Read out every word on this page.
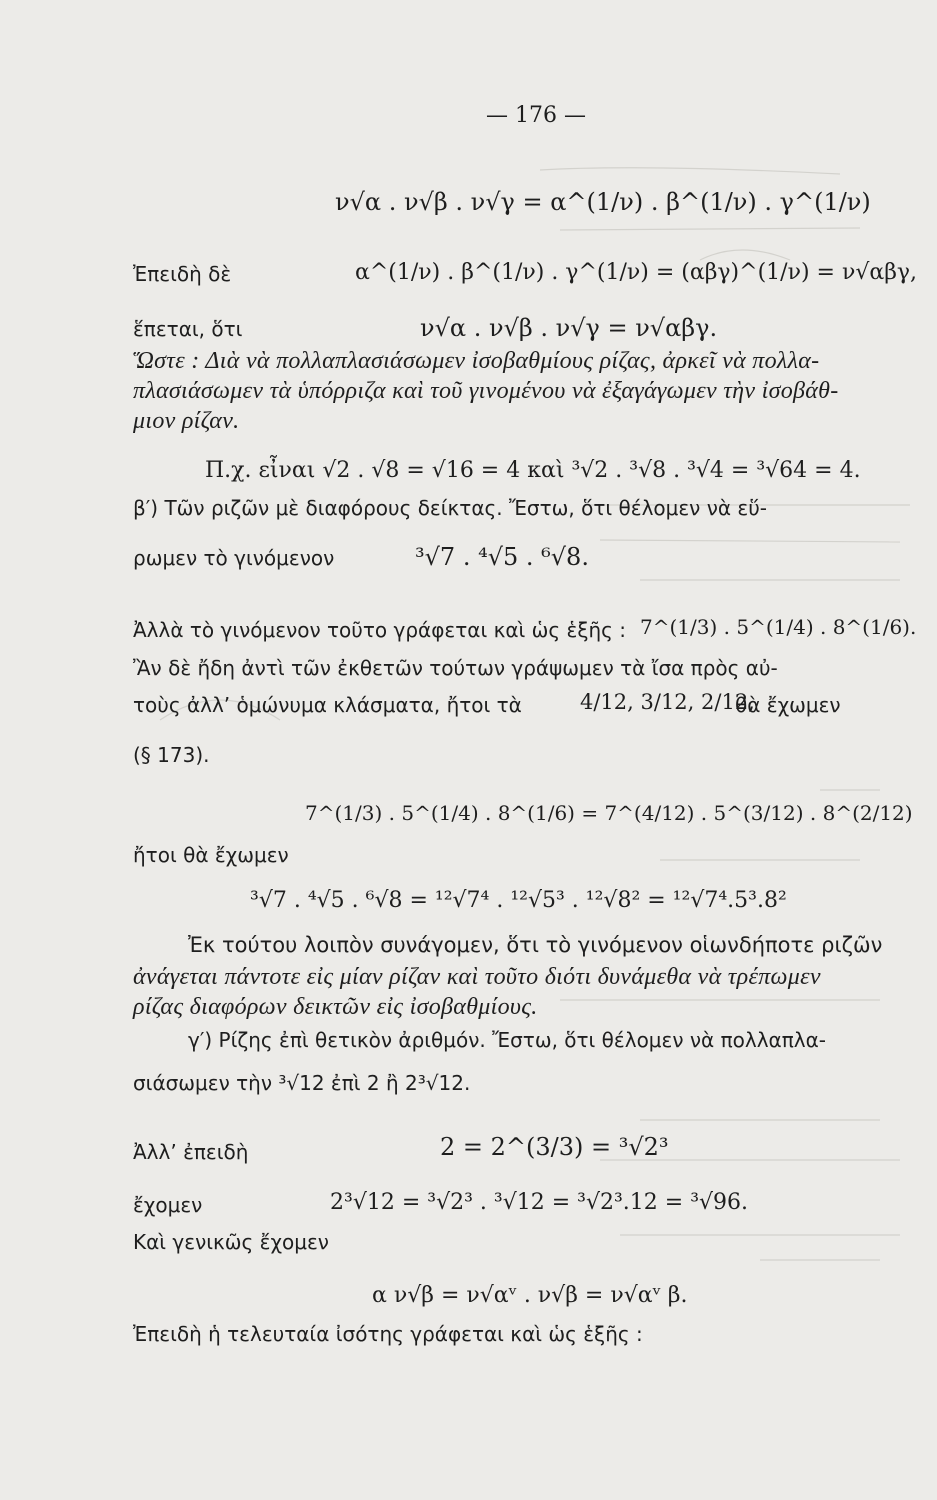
— 176 —
ν√α . ν√β . ν√γ = α^(1/ν) . β^(1/ν) . γ^(1/ν)
Ἐπειδὴ δὲ	α^(1/ν) . β^(1/ν) . γ^(1/ν) = (αβγ)^(1/ν) = ν√αβγ,
ἕπεται, ὅτι	ν√α . ν√β . ν√γ = ν√αβγ.
Ὥστε : Διὰ νὰ πολλαπλασιάσωμεν ἰσοβαθμίους ρίζας, ἀρκεῖ νὰ πολλα-
πλασιάσωμεν τὰ ὑπόρριζα καὶ τοῦ γινομένου νὰ ἐξαγάγωμεν τὴν ἰσοβάθ-
μιον ρίζαν.
Π.χ. εἶναι √2 . √8 = √16 = 4 καὶ ³√2 . ³√8 . ³√4 = ³√64 = 4.
β′) Τῶν ριζῶν μὲ διαφόρους δείκτας. Ἔστω, ὅτι θέλομεν νὰ εὕ-
ρωμεν τὸ γινόμενον	³√7 . ⁴√5 . ⁶√8.
Ἀλλὰ τὸ γινόμενον τοῦτο γράφεται καὶ ὡς ἑξῆς : 7^(1/3) . 5^(1/4) . 8^(1/6).
Ἂν δὲ ἤδη ἀντὶ τῶν ἐκθετῶν τούτων γράψωμεν τὰ ἴσα πρὸς αὐ-
τοὺς ἀλλ’ ὁμώνυμα κλάσματα, ἤτοι τὰ	4/12, 3/12, 2/12,
θὰ ἔχωμεν
(§ 173).
7^(1/3) . 5^(1/4) . 8^(1/6) = 7^(4/12) . 5^(3/12) . 8^(2/12)
ἤτοι θὰ ἔχωμεν
³√7 . ⁴√5 . ⁶√8 = ¹²√7⁴ . ¹²√5³ . ¹²√8² = ¹²√7⁴.5³.8²
Ἐκ τούτου λοιπὸν συνάγομεν, ὅτι τὸ γινόμενον οἱωνδήποτε ριζῶν
ἀνάγεται πάντοτε εἰς μίαν ρίζαν καὶ τοῦτο διότι δυνάμεθα νὰ τρέπωμεν
ρίζας διαφόρων δεικτῶν εἰς ἰσοβαθμίους.
γ′) Ρίζης ἐπὶ θετικὸν ἀριθμόν. Ἔστω, ὅτι θέλομεν νὰ πολλαπλα-
σιάσωμεν τὴν ³√12 ἐπὶ 2 ἢ 2³√12.
Ἀλλ’ ἐπειδὴ	2 = 2^(3/3) = ³√2³
ἔχομεν	2³√12 = ³√2³ . ³√12 = ³√2³.12 = ³√96.
Καὶ γενικῶς ἔχομεν
α ν√β = ν√αᵛ . ν√β = ν√αᵛ β.
Ἐπειδὴ ἡ τελευταία ἰσότης γράφεται καὶ ὡς ἑξῆς :
